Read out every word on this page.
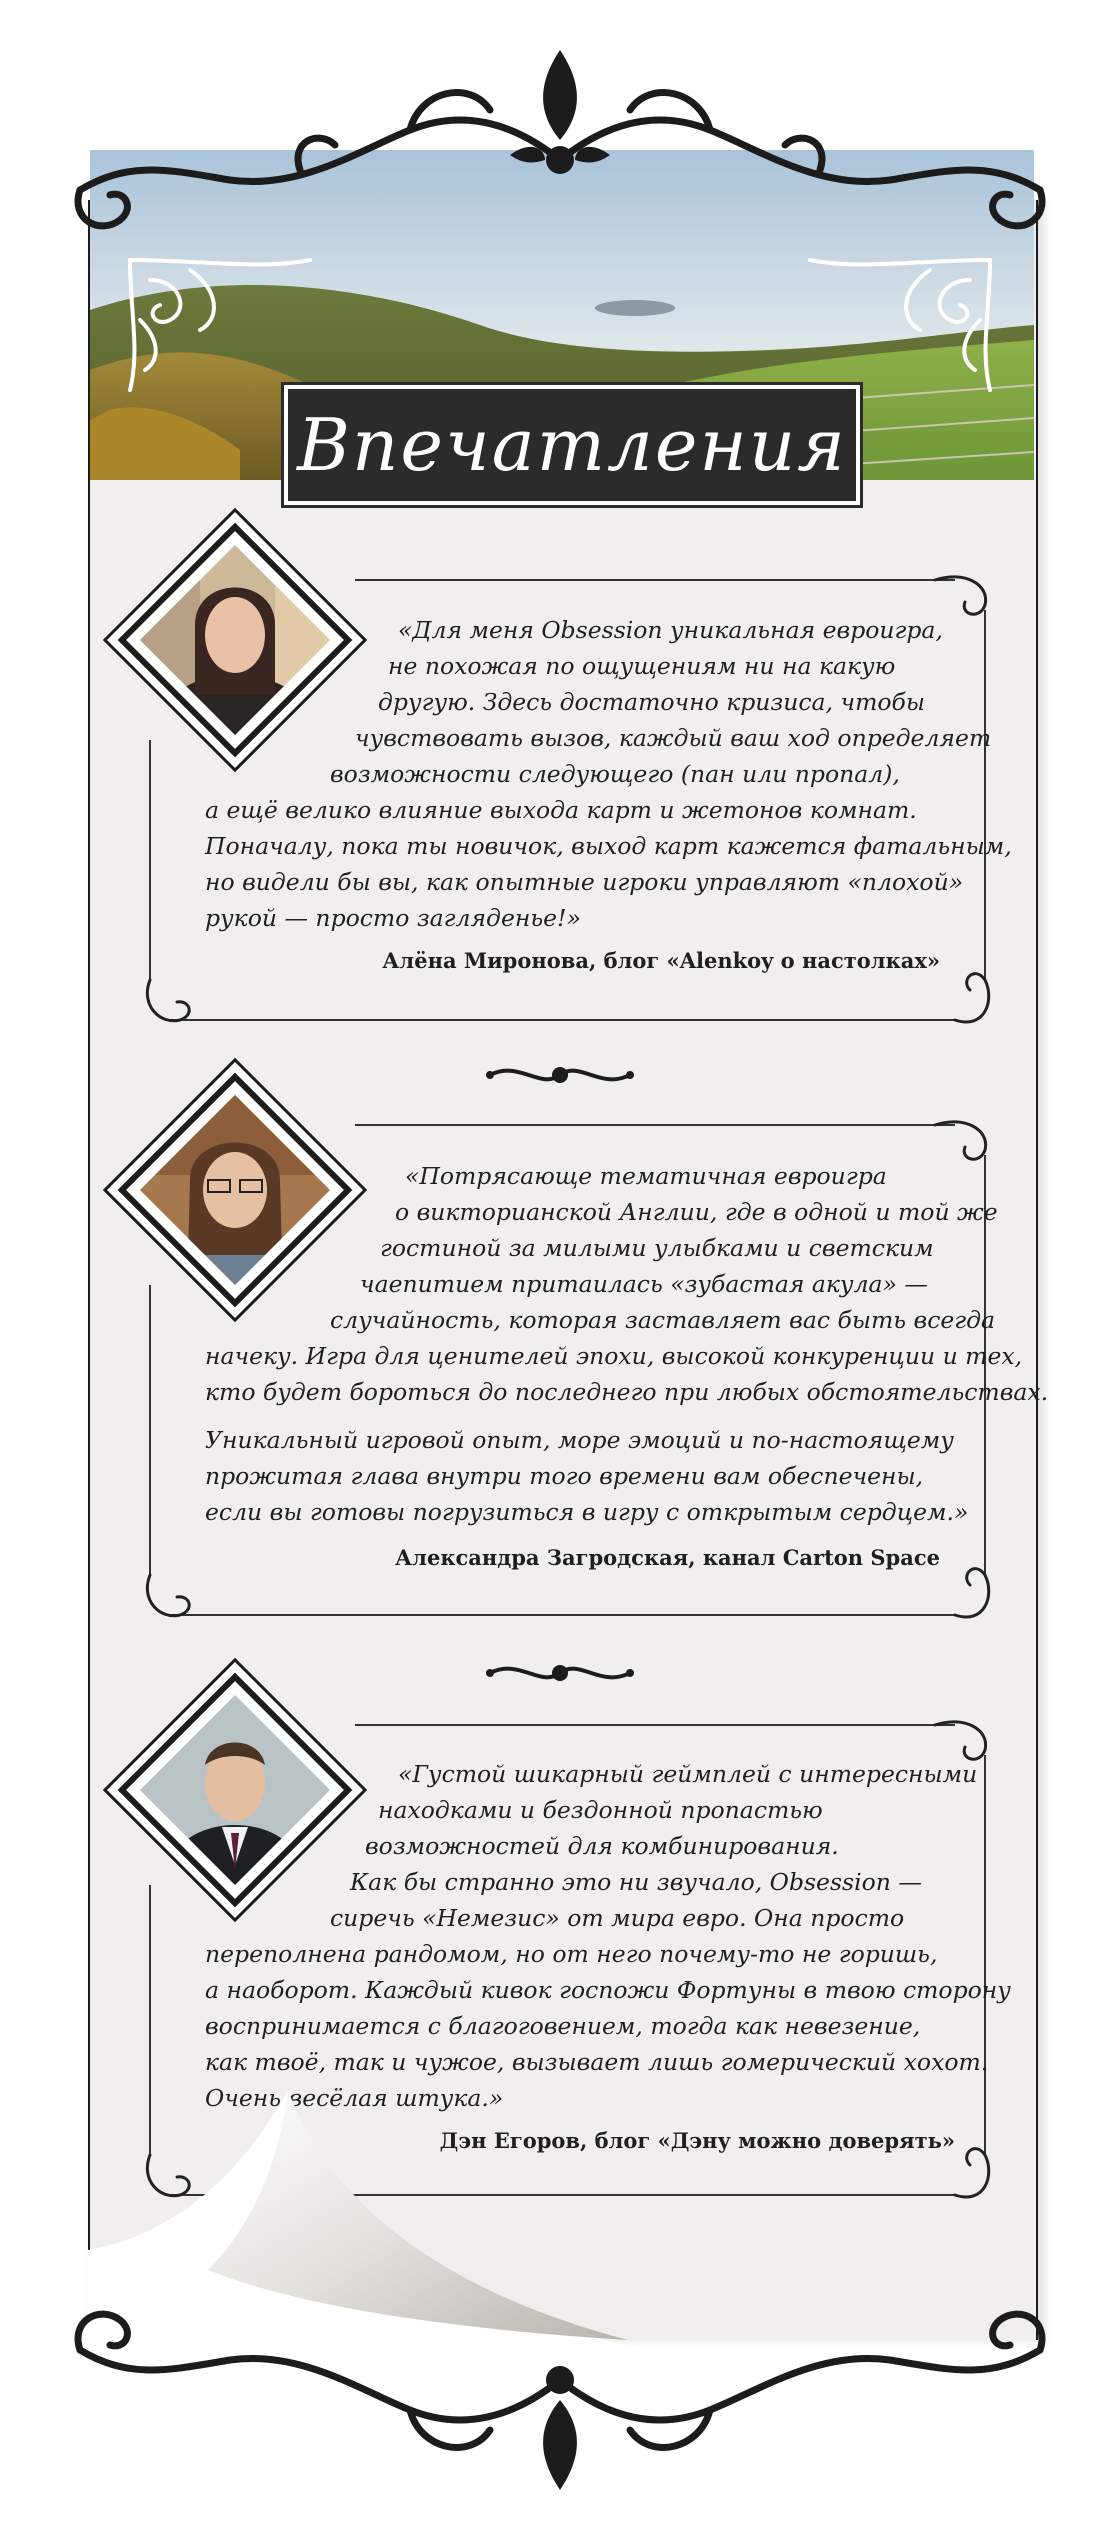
Впечатления
«Для меня Obsession уникальная евроигра,
не похожая по ощущениям ни на какую
другую. Здесь достаточно кризиса, чтобы
чувствовать вызов, каждый ваш ход определяет
возможности следующего (пан или пропал),
а ещё велико влияние выхода карт и жетонов комнат.
Поначалу, пока ты новичок, выход карт кажется фатальным,
но видели бы вы, как опытные игроки управляют «плохой»
рукой — просто загляденье!»
Алёна Миронова, блог «Alenkoy о настолках»
«Потрясающе тематичная евроигра
о викторианской Англии, где в одной и той же
гостиной за милыми улыбками и светским
чаепитием притаилась «зубастая акула» —
случайность, которая заставляет вас быть всегда
начеку. Игра для ценителей эпохи, высокой конкуренции и тех,
кто будет бороться до последнего при любых обстоятельствах.
Уникальный игровой опыт, море эмоций и по-настоящему
прожитая глава внутри того времени вам обеспечены,
если вы готовы погрузиться в игру с открытым сердцем.»
Александра Загродская, канал Carton Space
«Густой шикарный геймплей с интересными
находками и бездонной пропастью
возможностей для комбинирования.
Как бы странно это ни звучало, Obsession —
сиречь «Немезис» от мира евро. Она просто
переполнена рандомом, но от него почему-то не горишь,
а наоборот. Каждый кивок госпожи Фортуны в твою сторону
воспринимается с благоговением, тогда как невезение,
как твоё, так и чужое, вызывает лишь гомерический хохот.
Очень весёлая штука.»
Дэн Егоров, блог «Дэну можно доверять»
